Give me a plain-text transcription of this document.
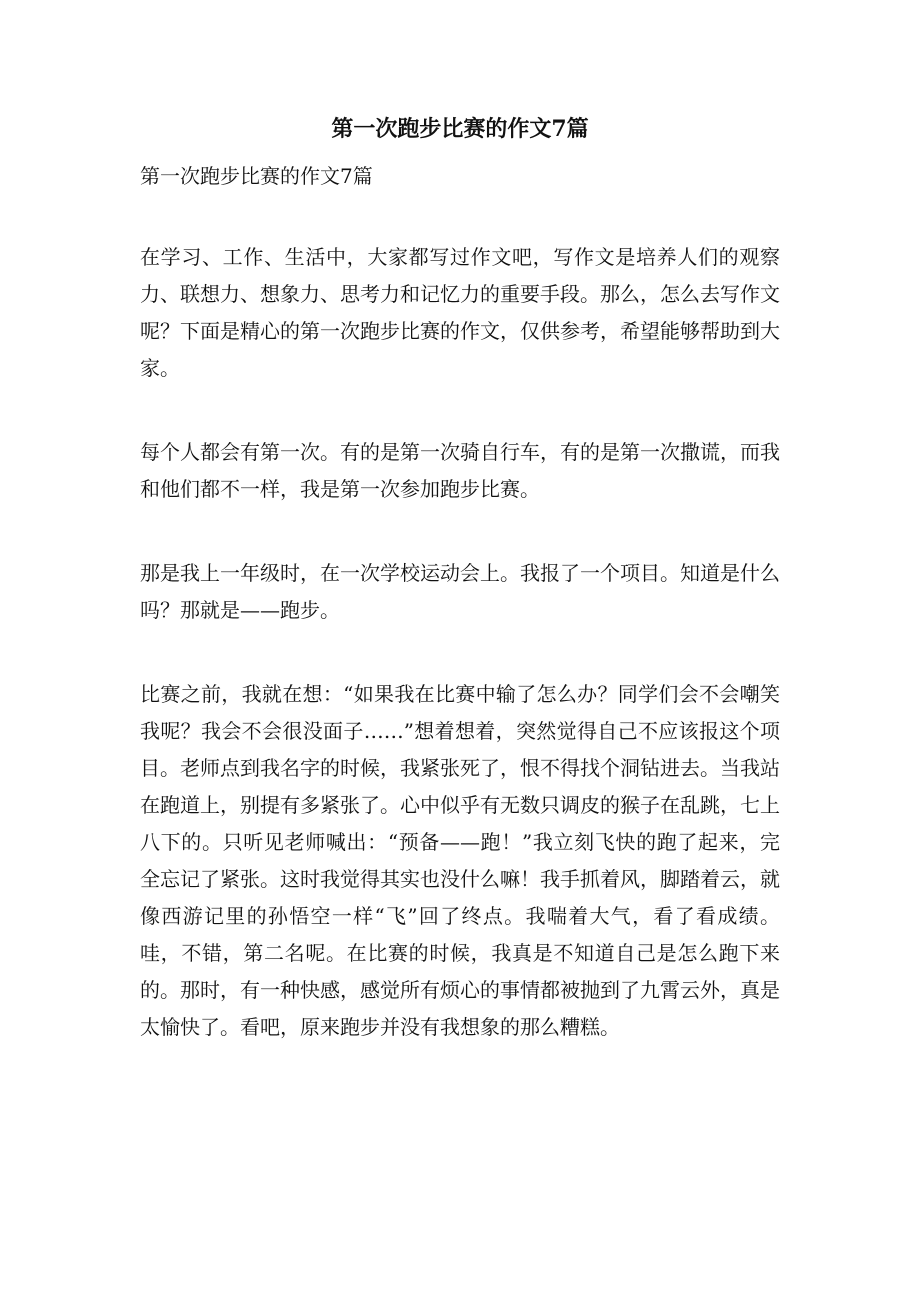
第一次跑步比赛的作文7篇

第一次跑步比赛的作文7篇

在学习、工作、生活中，大家都写过作文吧，写作文是培养人们的观察力、联想力、想象力、思考力和记忆力的重要手段。那么，怎么去写作文呢？下面是精心的第一次跑步比赛的作文，仅供参考，希望能够帮助到大家。

每个人都会有第一次。有的是第一次骑自行车，有的是第一次撒谎，而我和他们都不一样，我是第一次参加跑步比赛。

那是我上一年级时，在一次学校运动会上。我报了一个项目。知道是什么吗？那就是——跑步。

比赛之前，我就在想：“如果我在比赛中输了怎么办？同学们会不会嘲笑我呢？我会不会很没面子……”想着想着，突然觉得自己不应该报这个项目。老师点到我名字的时候，我紧张死了，恨不得找个洞钻进去。当我站在跑道上，别提有多紧张了。心中似乎有无数只调皮的猴子在乱跳，七上八下的。只听见老师喊出：“预备——跑！”我立刻飞快的跑了起来，完全忘记了紧张。这时我觉得其实也没什么嘛！我手抓着风，脚踏着云，就像西游记里的孙悟空一样“飞”回了终点。我喘着大气，看了看成绩。哇，不错，第二名呢。在比赛的时候，我真是不知道自己是怎么跑下来的。那时，有一种快感，感觉所有烦心的事情都被抛到了九霄云外，真是太愉快了。看吧，原来跑步并没有我想象的那么糟糕。
